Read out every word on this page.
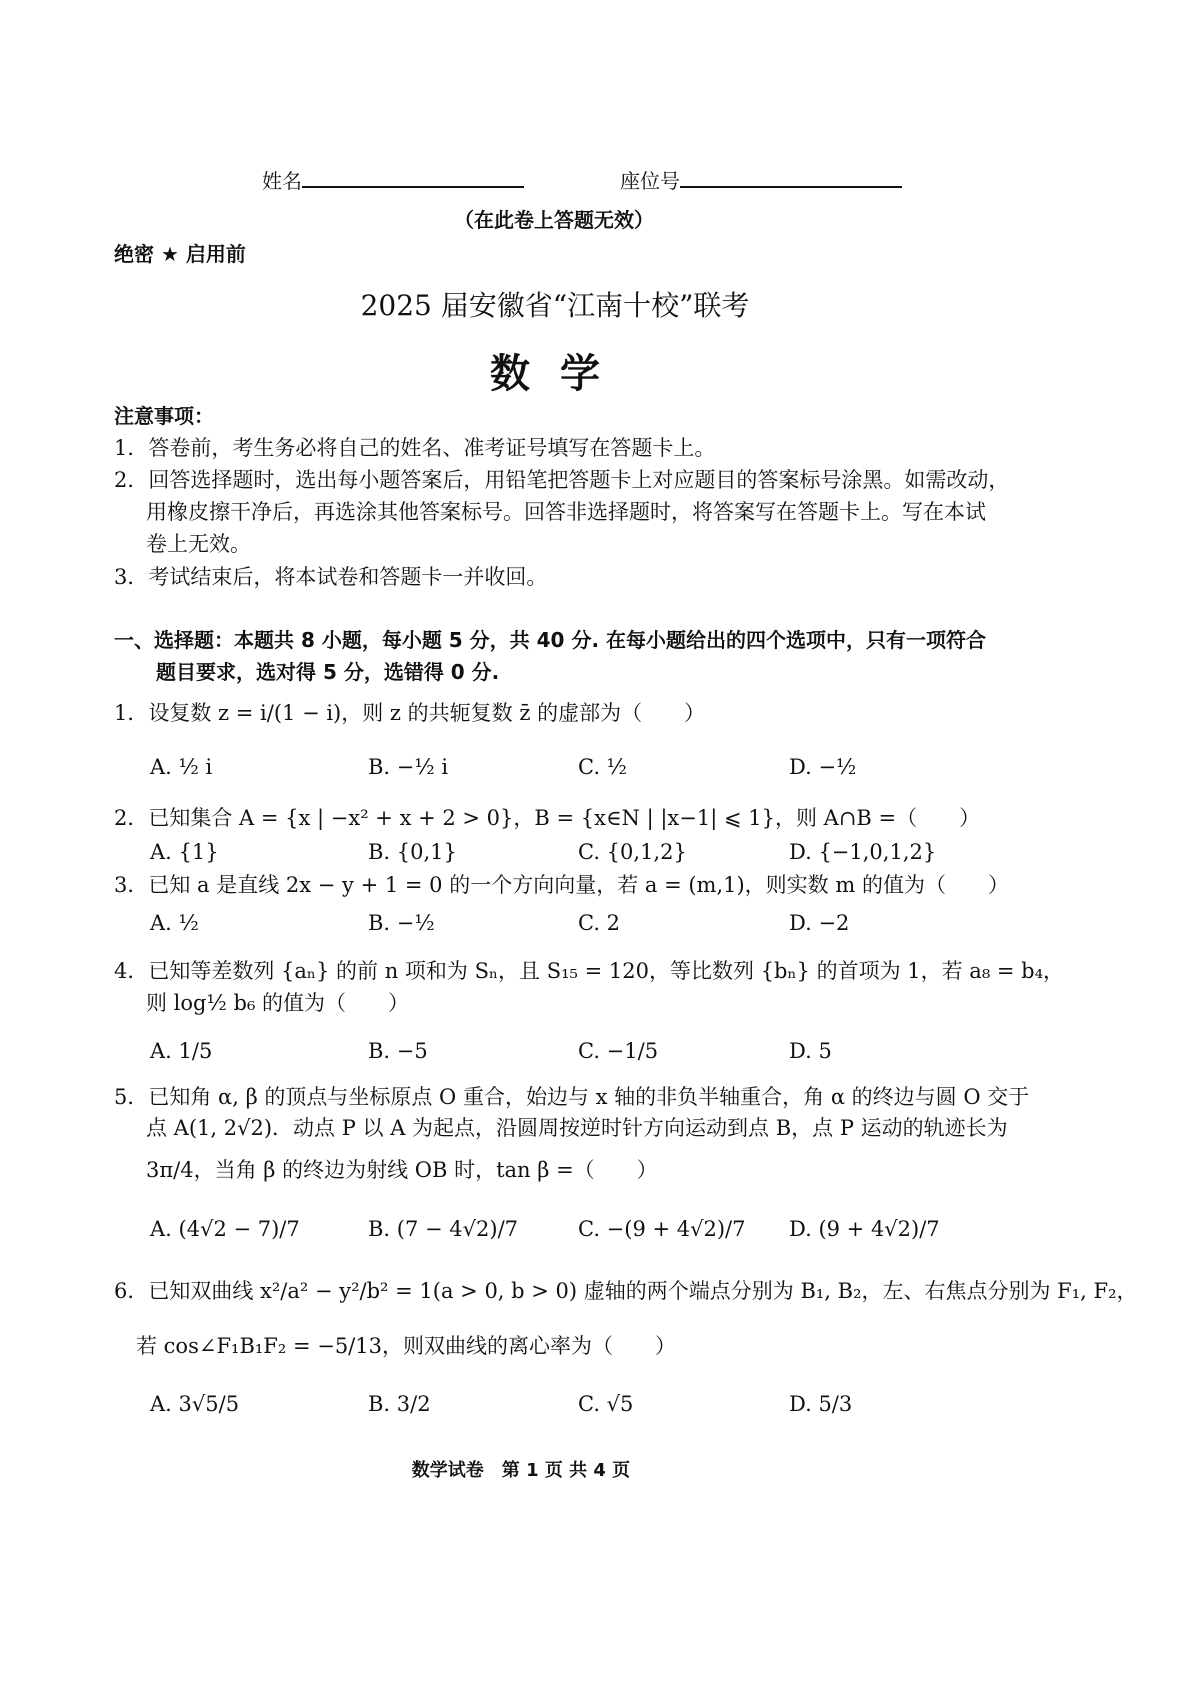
姓名	座位号
（在此卷上答题无效）
绝密 ★ 启用前
2025 届安徽省“江南十校”联考
数学
注意事项：
1．答卷前，考生务必将自己的姓名、准考证号填写在答题卡上。
2．回答选择题时，选出每小题答案后，用铅笔把答题卡上对应题目的答案标号涂黑。如需改动，
用橡皮擦干净后，再选涂其他答案标号。回答非选择题时，将答案写在答题卡上。写在本试
卷上无效。
3．考试结束后，将本试卷和答题卡一并收回。
一、选择题：本题共 8 小题，每小题 5 分，共 40 分. 在每小题给出的四个选项中，只有一项符合
题目要求，选对得 5 分，选错得 0 分.
1．设复数 z = i/(1 − i)，则 z 的共轭复数 z̄ 的虚部为（　　）
A. ½ i	B. −½ i	C. ½	D. −½
2．已知集合 A = {x | −x² + x + 2 > 0}，B = {x∈N | |x−1| ⩽ 1}，则 A∩B =（　　）
A. {1}	B. {0,1}	C. {0,1,2}	D. {−1,0,1,2}
3．已知 a 是直线 2x − y + 1 = 0 的一个方向向量，若 a = (m,1)，则实数 m 的值为（　　）
A. ½	B. −½	C. 2	D. −2
4．已知等差数列 {aₙ} 的前 n 项和为 Sₙ，且 S₁₅ = 120，等比数列 {bₙ} 的首项为 1，若 a₈ = b₄，
则 log½ b₆ 的值为（　　）
A. 1/5	B. −5	C. −1/5	D. 5
5．已知角 α, β 的顶点与坐标原点 O 重合，始边与 x 轴的非负半轴重合，角 α 的终边与圆 O 交于
点 A(1, 2√2)．动点 P 以 A 为起点，沿圆周按逆时针方向运动到点 B，点 P 运动的轨迹长为
3π/4，当角 β 的终边为射线 OB 时，tan β =（　　）
A. (4√2 − 7)/7	B. (7 − 4√2)/7	C. −(9 + 4√2)/7 D. (9 + 4√2)/7
6．已知双曲线 x²/a² − y²/b² = 1(a > 0, b > 0) 虚轴的两个端点分别为 B₁, B₂，左、右焦点分别为 F₁, F₂，
若 cos∠F₁B₁F₂ = −5/13，则双曲线的离心率为（　　）
A. 3√5/5	B. 3/2	C. √5	D. 5/3
数学试卷　第 1 页 共 4 页
